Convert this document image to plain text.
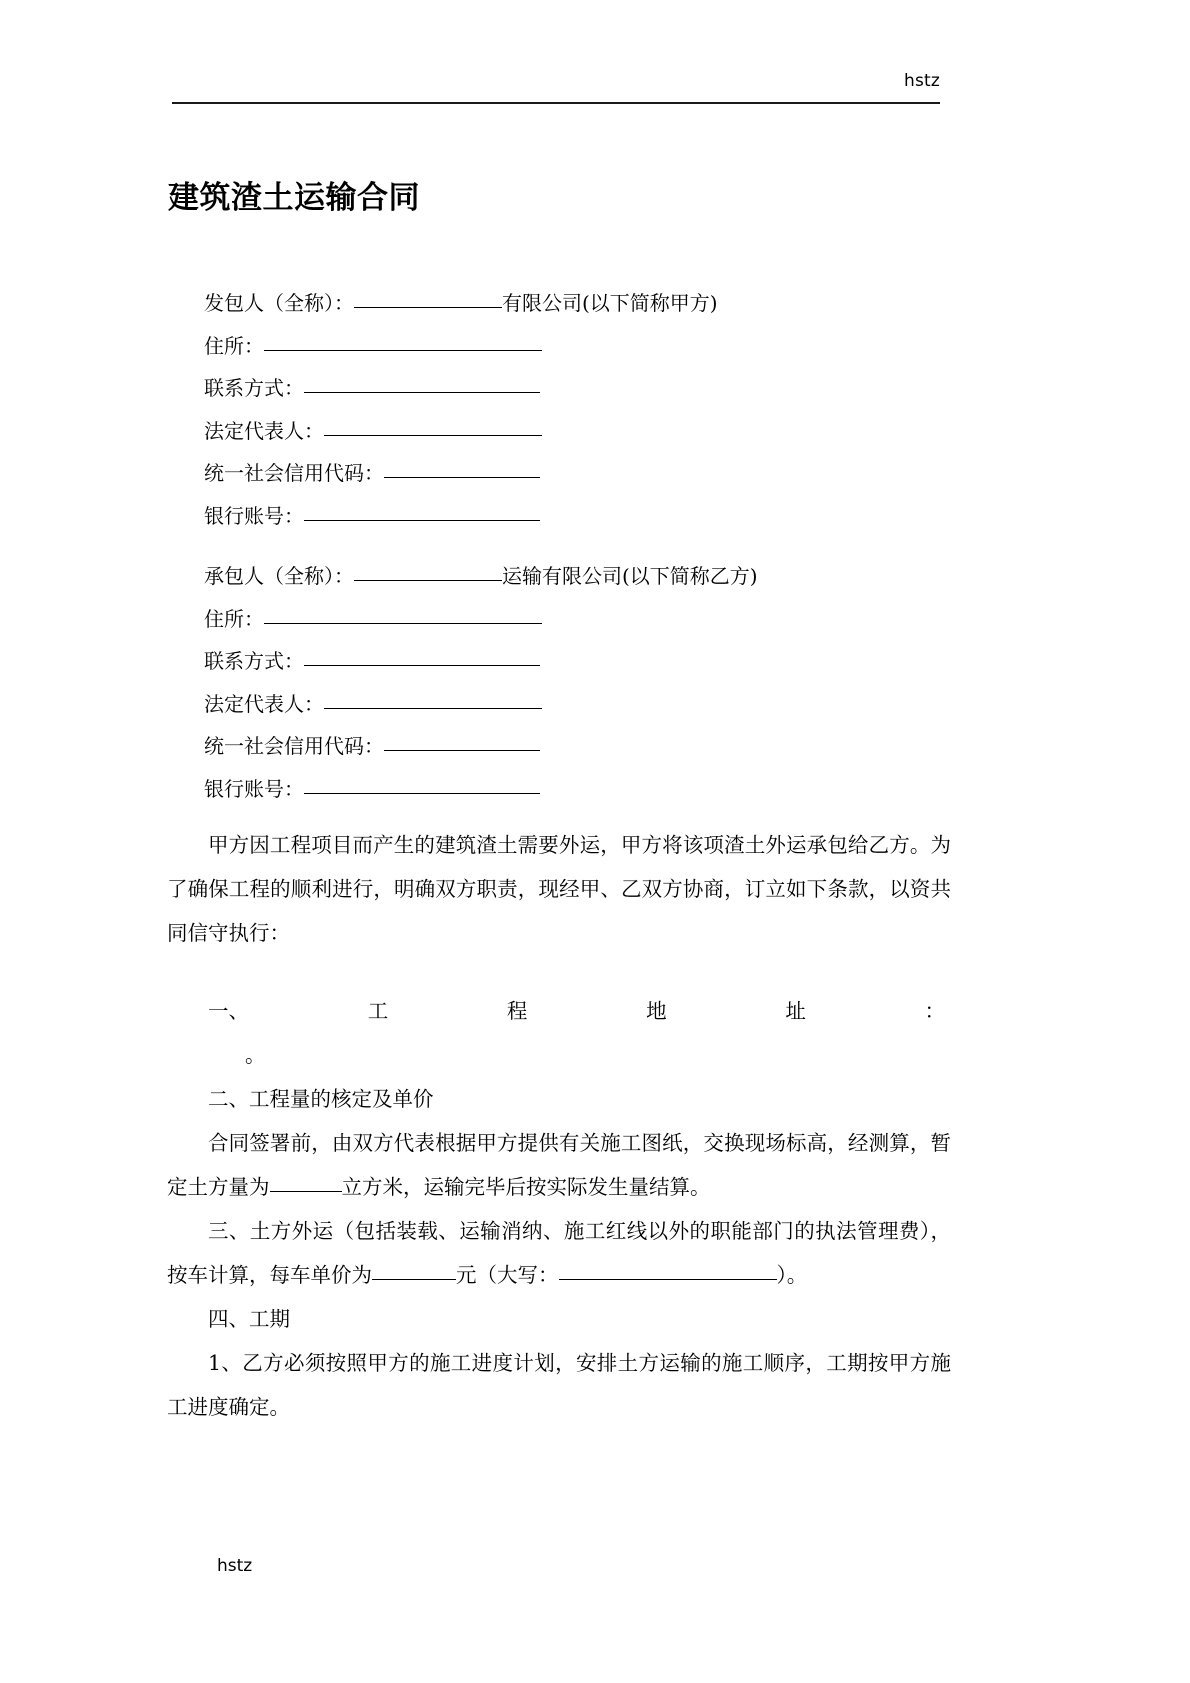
hstz
建筑渣土运输合同
发包人（全称）：	有限公司(以下简称甲方)
住所：
联系方式：
法定代表人：
统一社会信用代码：
银行账号：
承包人（全称）：	运输有限公司(以下简称乙方)
住所：
联系方式：
法定代表人：
统一社会信用代码：
银行账号：

甲方因工程项目而产生的建筑渣土需要外运，甲方将该项渣土外运承包给乙方。为了确保工程的顺利进行，明确双方职责，现经甲、乙双方协商，订立如下条款，以资共同信守执行：

一、	工	程	地	址	：

。

二、工程量的核定及单价

合同签署前，由双方代表根据甲方提供有关施工图纸，交换现场标高，经测算，暂定土方量为	立方米，运输完毕后按实际发生量结算。

三、土方外运（包括装载、运输消纳、施工红线以外的职能部门的执法管理费），按车计算，每车单价为	元（大写：	）。

四、工期

1、乙方必须按照甲方的施工进度计划，安排土方运输的施工顺序，工期按甲方施工进度确定。

hstz
